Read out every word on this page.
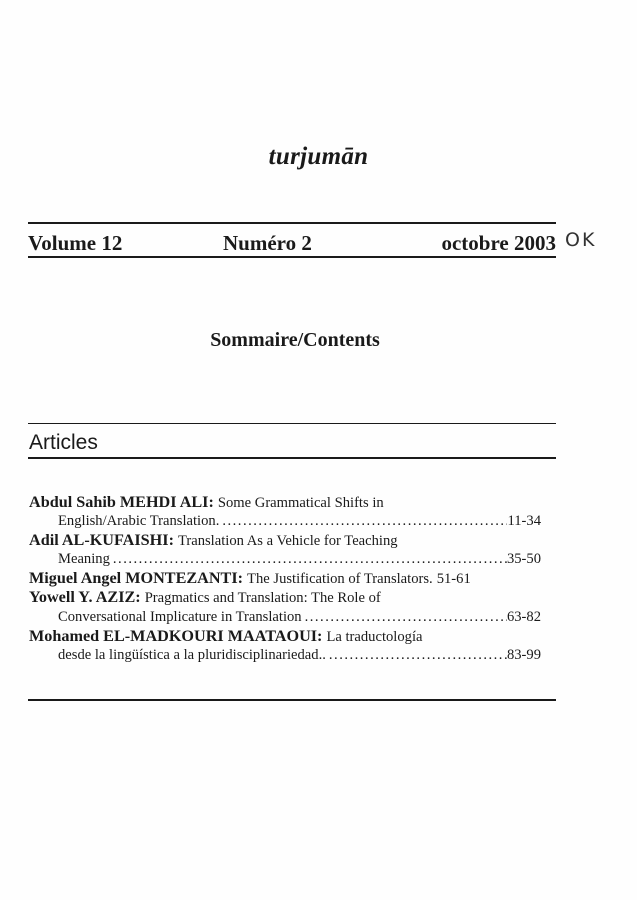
turjumān
Volume 12	Numéro 2	octobre 2003 OK
Sommaire/Contents
Articles
Abdul Sahib MEHDI ALI: Some Grammatical Shifts in
English/Arabic Translation. .....	11-34
Adil AL-KUFAISHI: Translation As a Vehicle for Teaching
Meaning .....	35-50
Miguel Angel MONTEZANTI: The Justification of Translators. 51-61
Yowell Y. AZIZ: Pragmatics and Translation: The Role of
Conversational Implicature in Translation .....	63-82
Mohamed EL-MADKOURI MAATAOUI: La traductología
desde la lingüística a la pluridisciplinariedad.. .....	83-99
